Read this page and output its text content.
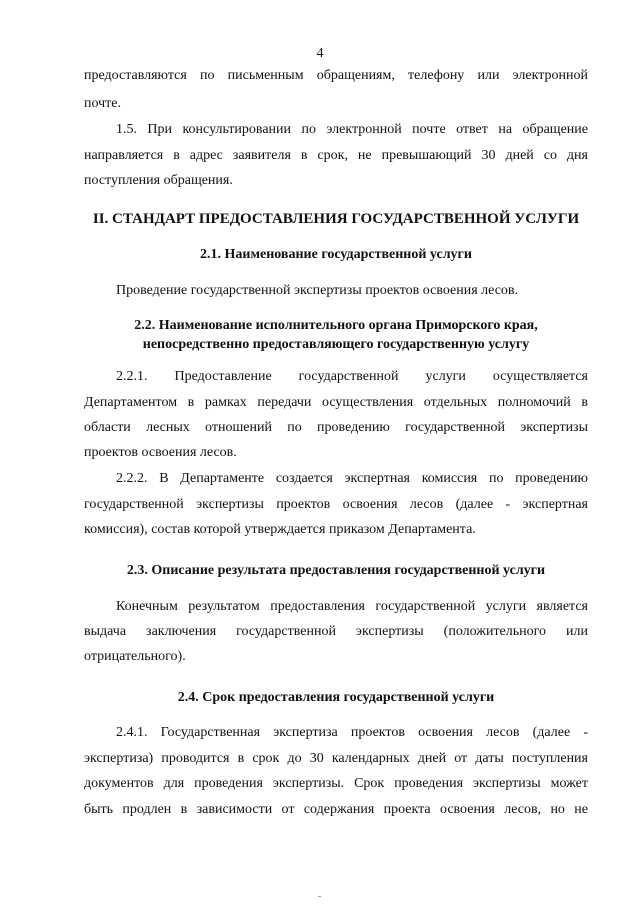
4
предоставляются по письменным обращениям, телефону или электронной
почте.
1.5. При консультировании по электронной почте ответ на обращение
направляется в адрес заявителя в срок, не превышающий 30 дней со дня
поступления обращения.
II. СТАНДАРТ ПРЕДОСТАВЛЕНИЯ ГОСУДАРСТВЕННОЙ УСЛУГИ
2.1. Наименование государственной услуги
Проведение государственной экспертизы проектов освоения лесов.
2.2. Наименование исполнительного органа Приморского края,
непосредственно предоставляющего государственную услугу
2.2.1. Предоставление государственной услуги осуществляется
Департаментом в рамках передачи осуществления отдельных полномочий в
области лесных отношений по проведению государственной экспертизы
проектов освоения лесов.
2.2.2. В Департаменте создается экспертная комиссия по проведению
государственной экспертизы проектов освоения лесов (далее - экспертная
комиссия), состав которой утверждается приказом Департамента.
2.3. Описание результата предоставления государственной услуги
Конечным результатом предоставления государственной услуги является
выдача заключения государственной экспертизы (положительного или
отрицательного).
2.4. Срок предоставления государственной услуги
2.4.1. Государственная экспертиза проектов освоения лесов (далее -
экспертиза) проводится в срок до 30 календарных дней от даты поступления
документов для проведения экспертизы. Срок проведения экспертизы может
быть продлен в зависимости от содержания проекта освоения лесов, но не
